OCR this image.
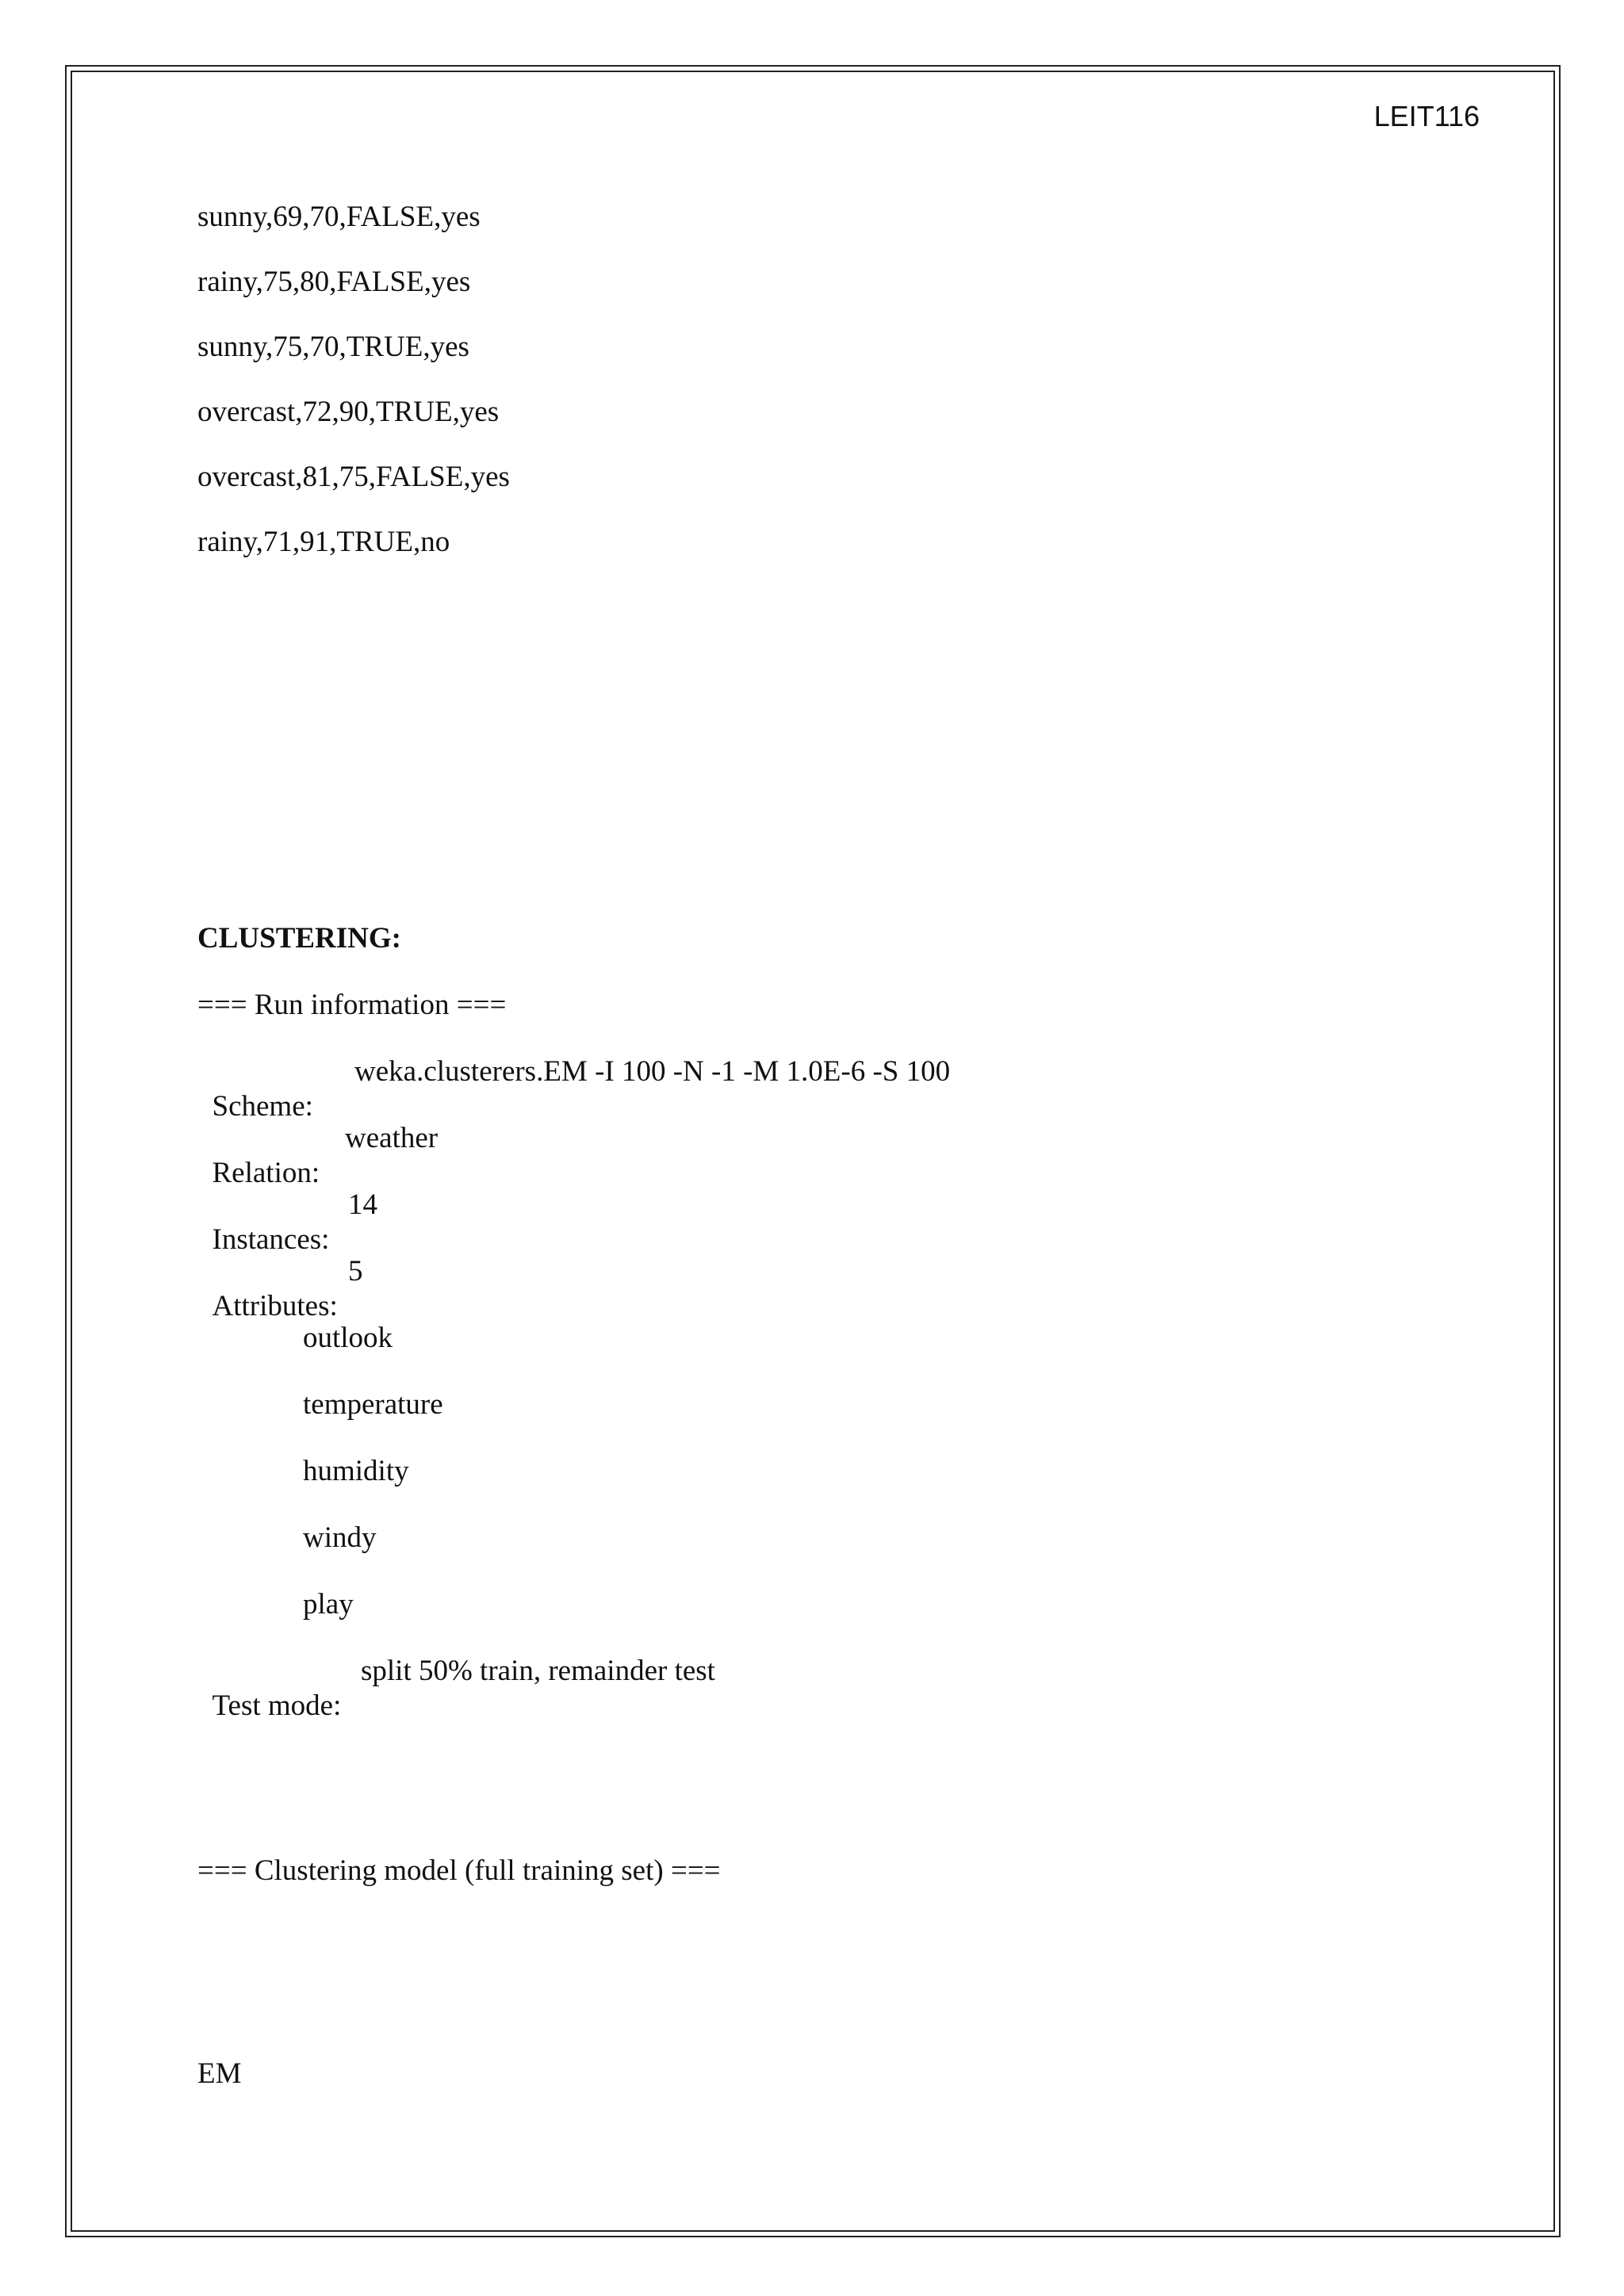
LEIT116
sunny,69,70,FALSE,yes
rainy,75,80,FALSE,yes
sunny,75,70,TRUE,yes
overcast,72,90,TRUE,yes
overcast,81,75,FALSE,yes
rainy,71,91,TRUE,no
CLUSTERING:
=== Run information ===

Scheme:

weka.clusterers.EM -I 100 -N -1 -M 1.0E-6 -S 100

Relation:

weather

Instances:

14

Attributes:

5

outlook
temperature
humidity
windy
play

Test mode:

split 50% train, remainder test

=== Clustering model (full training set) ===
EM
